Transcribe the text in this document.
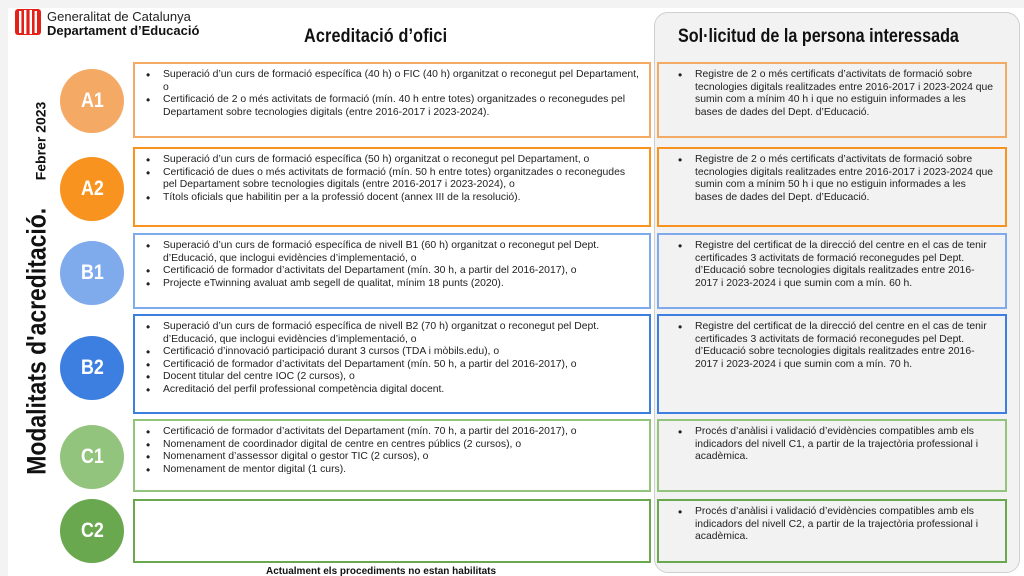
Generalitat de Catalunya
Departament d’Educació	Acreditació d’ofici	Sol·licitud de la persona interessada
Modalitats d'acreditació.
Febrer 2023
A1
• Superació d’un curs de formació específica (40 h) o FIC (40 h) organitzat o reconegut pel Departament, o
• Certificació de 2 o més activitats de formació (mín. 40 h entre totes) organitzades o reconegudes pel Departament sobre tecnologies digitals (entre 2016-2017 i 2023-2024).
• Registre de 2 o més certificats d’activitats de formació sobre tecnologies digitals realitzades entre 2016-2017 i 2023-2024 que sumin com a mínim 40 h i que no estiguin informades a les bases de dades del Dept. d’Educació.
A2
• Superació d’un curs de formació específica (50 h) organitzat o reconegut pel Departament, o
• Certificació de dues o més activitats de formació (mín. 50 h entre totes) organitzades o reconegudes pel Departament sobre tecnologies digitals (entre 2016-2017 i 2023-2024), o
• Títols oficials que habilitin per a la professió docent (annex III de la resolució).
• Registre de 2 o més certificats d’activitats de formació sobre tecnologies digitals realitzades entre 2016-2017 i 2023-2024 que sumin com a mínim 50 h i que no estiguin informades a les bases de dades del Dept. d’Educació.
B1
• Superació d’un curs de formació específica de nivell B1 (60 h) organitzat o reconegut pel Dept. d’Educació, que inclogui evidències d’implementació, o
• Certificació de formador d’activitats del Departament (mín. 30 h, a partir del 2016-2017), o
• Projecte eTwinning avaluat amb segell de qualitat, mínim 18 punts (2020).
• Registre del certificat de la direcció del centre en el cas de tenir certificades 3 activitats de formació reconegudes pel Dept. d’Educació sobre tecnologies digitals realitzades entre 2016-2017 i 2023-2024 i que sumin com a mín. 60 h.
B2
• Superació d’un curs de formació específica de nivell B2 (70 h) organitzat o reconegut pel Dept. d’Educació, que inclogui evidències d’implementació, o
• Certificació d’innovació participació durant 3 cursos (TDA i mòbils.edu), o
• Certificació de formador d’activitats del Departament (mín. 50 h, a partir del 2016-2017), o
• Docent titular del centre IOC (2 cursos), o
• Acreditació del perfil professional competència digital docent.
• Registre del certificat de la direcció del centre en el cas de tenir certificades 3 activitats de formació reconegudes pel Dept. d’Educació sobre tecnologies digitals realitzades entre 2016-2017 i 2023-2024 i que sumin com a mín. 70 h.
C1
• Certificació de formador d’activitats del Departament (mín. 70 h, a partir del 2016-2017), o
• Nomenament de coordinador digital de centre en centres públics (2 cursos), o
• Nomenament d’assessor digital o gestor TIC (2 cursos), o
• Nomenament de mentor digital (1 curs).
• Procés d’anàlisi i validació d’evidències compatibles amb els indicadors del nivell C1, a partir de la trajectòria professional i acadèmica.
C2
• Procés d’anàlisi i validació d’evidències compatibles amb els indicadors del nivell C2, a partir de la trajectòria professional i acadèmica.
Actualment els procediments no estan habilitats
